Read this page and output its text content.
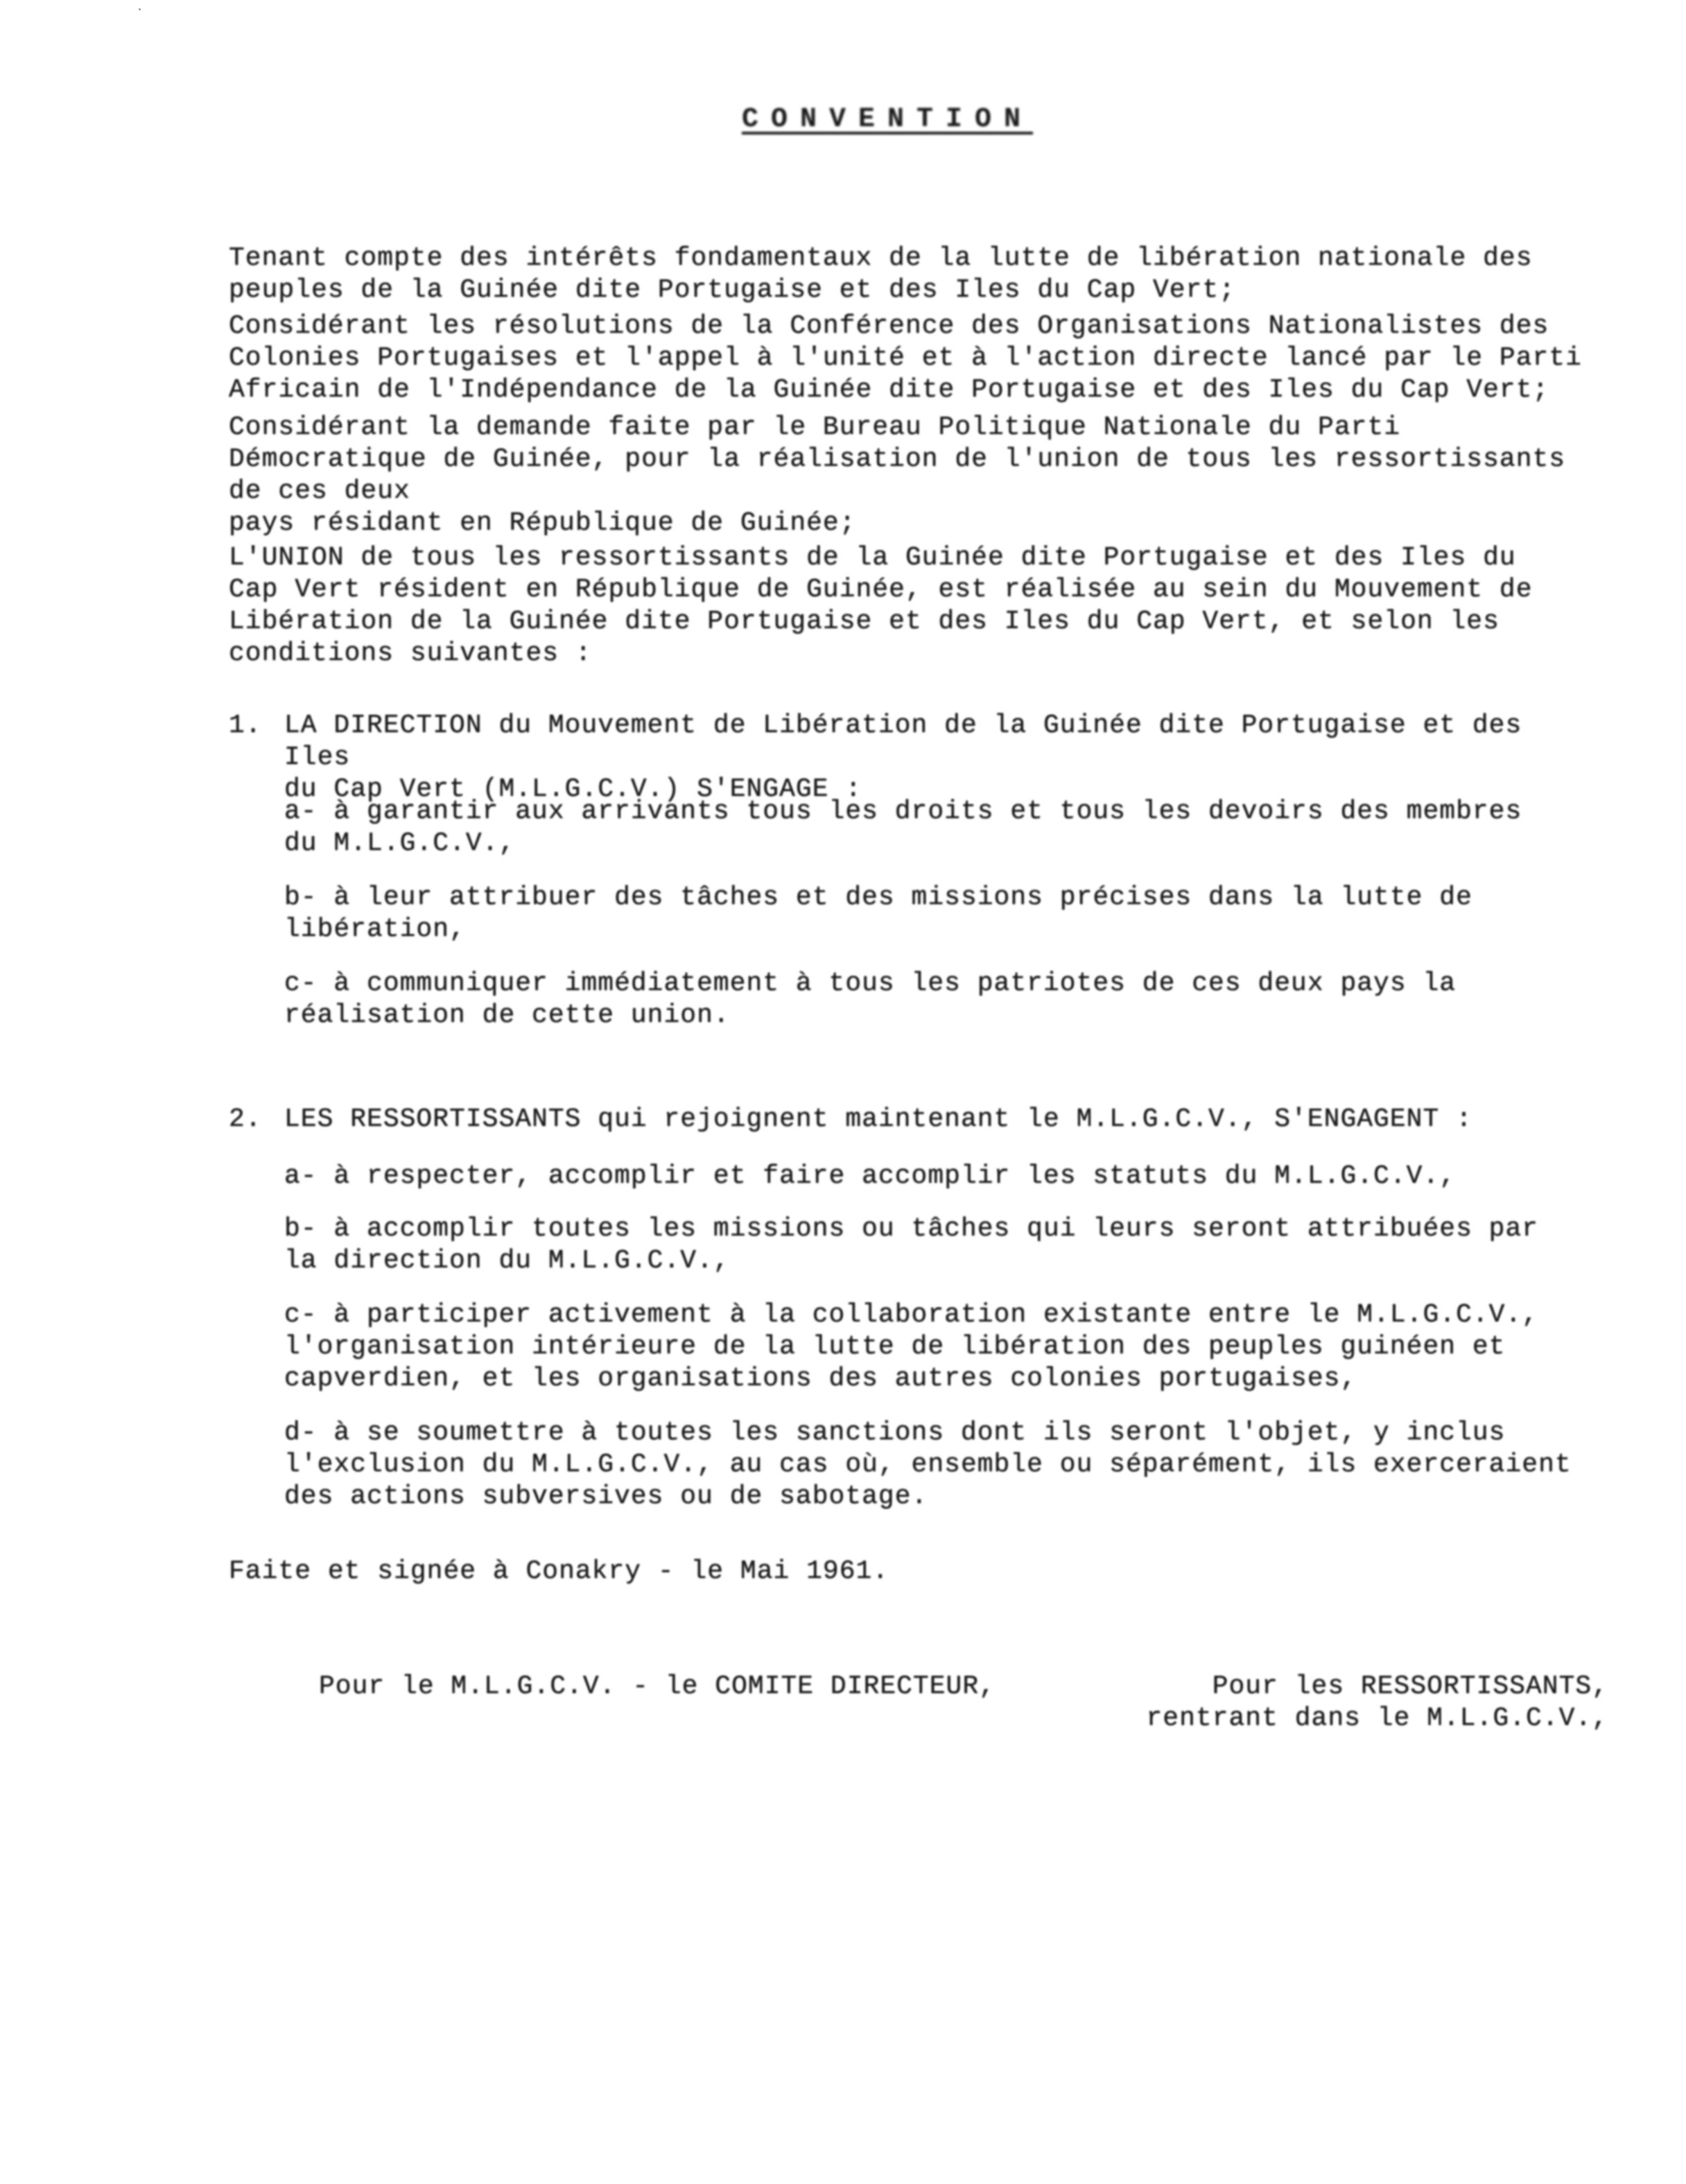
CONVENTION
Tenant compte des intérêts fondamentaux de la lutte de libération nationale des
peuples de la Guinée dite Portugaise et des Iles du Cap Vert;
Considérant les résolutions de la Conférence des Organisations Nationalistes des
Colonies Portugaises et l'appel à l'unité et à l'action directe lancé par le Parti
Africain de l'Indépendance de la Guinée dite Portugaise et des Iles du Cap Vert;
Considérant la demande faite par le Bureau Politique Nationale du Parti Démocratique de Guinée, pour la réalisation de l'union de tous les ressortissants de ces deux
pays résidant en République de Guinée;
L'UNION de tous les ressortissants de la Guinée dite Portugaise et des Iles du
Cap Vert résident en République de Guinée, est réalisée au sein du Mouvement de Libération de la Guinée dite Portugaise et des Iles du Cap Vert, et selon les conditions suivantes :
1. LA DIRECTION du Mouvement de Libération de la Guinée dite Portugaise et des Iles
du Cap Vert (M.L.G.C.V.) S'ENGAGE :
a- à garantir aux arrivants tous les droits et tous les devoirs des membres
du M.L.G.C.V.,
b- à leur attribuer des tâches et des missions précises dans la lutte de libération,
c- à communiquer immédiatement à tous les patriotes de ces deux pays la réalisation de cette union.
2. LES RESSORTISSANTS qui rejoignent maintenant le M.L.G.C.V., S'ENGAGENT :
a- à respecter, accomplir et faire accomplir les statuts du M.L.G.C.V.,
b- à accomplir toutes les missions ou tâches qui leurs seront attribuées par
la direction du M.L.G.C.V.,
c- à participer activement à la collaboration existante entre le M.L.G.C.V.,
l'organisation intérieure de la lutte de libération des peuples guinéen et
capverdien, et les organisations des autres colonies portugaises,
d- à se soumettre à toutes les sanctions dont ils seront l'objet, y inclus
l'exclusion du M.L.G.C.V., au cas où, ensemble ou séparément, ils exerceraient
des actions subversives ou de sabotage.
Faite et signée à Conakry - le Mai 1961.
Pour le M.L.G.C.V. - le COMITE DIRECTEUR,	Pour les RESSORTISSANTS, rentrant dans le M.L.G.C.V.,
